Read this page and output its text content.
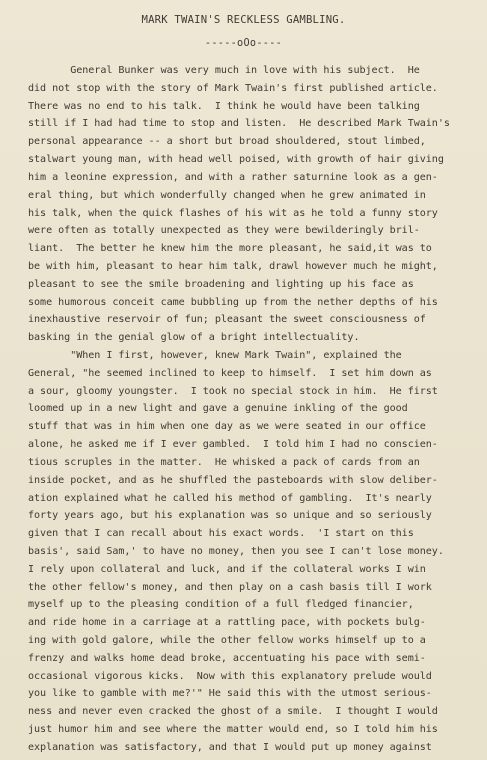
MARK TWAIN'S RECKLESS GAMBLING.
-----oOo----
General Bunker was very much in love with his subject.  He
did not stop with the story of Mark Twain's first published article.
There was no end to his talk.  I think he would have been talking
still if I had had time to stop and listen.  He described Mark Twain's
personal appearance -- a short but broad shouldered, stout limbed,
stalwart young man, with head well poised, with growth of hair giving
him a leonine expression, and with a rather saturnine look as a gen-
eral thing, but which wonderfully changed when he grew animated in
his talk, when the quick flashes of his wit as he told a funny story
were often as totally unexpected as they were bewilderingly bril-
liant.  The better he knew him the more pleasant, he said,it was to
be with him, pleasant to hear him talk, drawl however much he might,
pleasant to see the smile broadening and lighting up his face as
some humorous conceit came bubbling up from the nether depths of his
inexhaustive reservoir of fun; pleasant the sweet consciousness of
basking in the genial glow of a bright intellectuality.
"When I first, however, knew Mark Twain", explained the
General, "he seemed inclined to keep to himself.  I set him down as
a sour, gloomy youngster.  I took no special stock in him.  He first
loomed up in a new light and gave a genuine inkling of the good
stuff that was in him when one day as we were seated in our office
alone, he asked me if I ever gambled.  I told him I had no conscien-
tious scruples in the matter.  He whisked a pack of cards from an
inside pocket, and as he shuffled the pasteboards with slow deliber-
ation explained what he called his method of gambling.  It's nearly
forty years ago, but his explanation was so unique and so seriously
given that I can recall about his exact words.  'I start on this
basis', said Sam,' to have no money, then you see I can't lose money.
I rely upon collateral and luck, and if the collateral works I win
the other fellow's money, and then play on a cash basis till I work
myself up to the pleasing condition of a full fledged financier,
and ride home in a carriage at a rattling pace, with pockets bulg-
ing with gold galore, while the other fellow works himself up to a
frenzy and walks home dead broke, accentuating his pace with semi-
occasional vigorous kicks.  Now with this explanatory prelude would
you like to gamble with me?'" He said this with the utmost serious-
ness and never even cracked the ghost of a smile.  I thought I would
just humor him and see where the matter would end, so I told him his
explanation was satisfactory, and that I would put up money against
